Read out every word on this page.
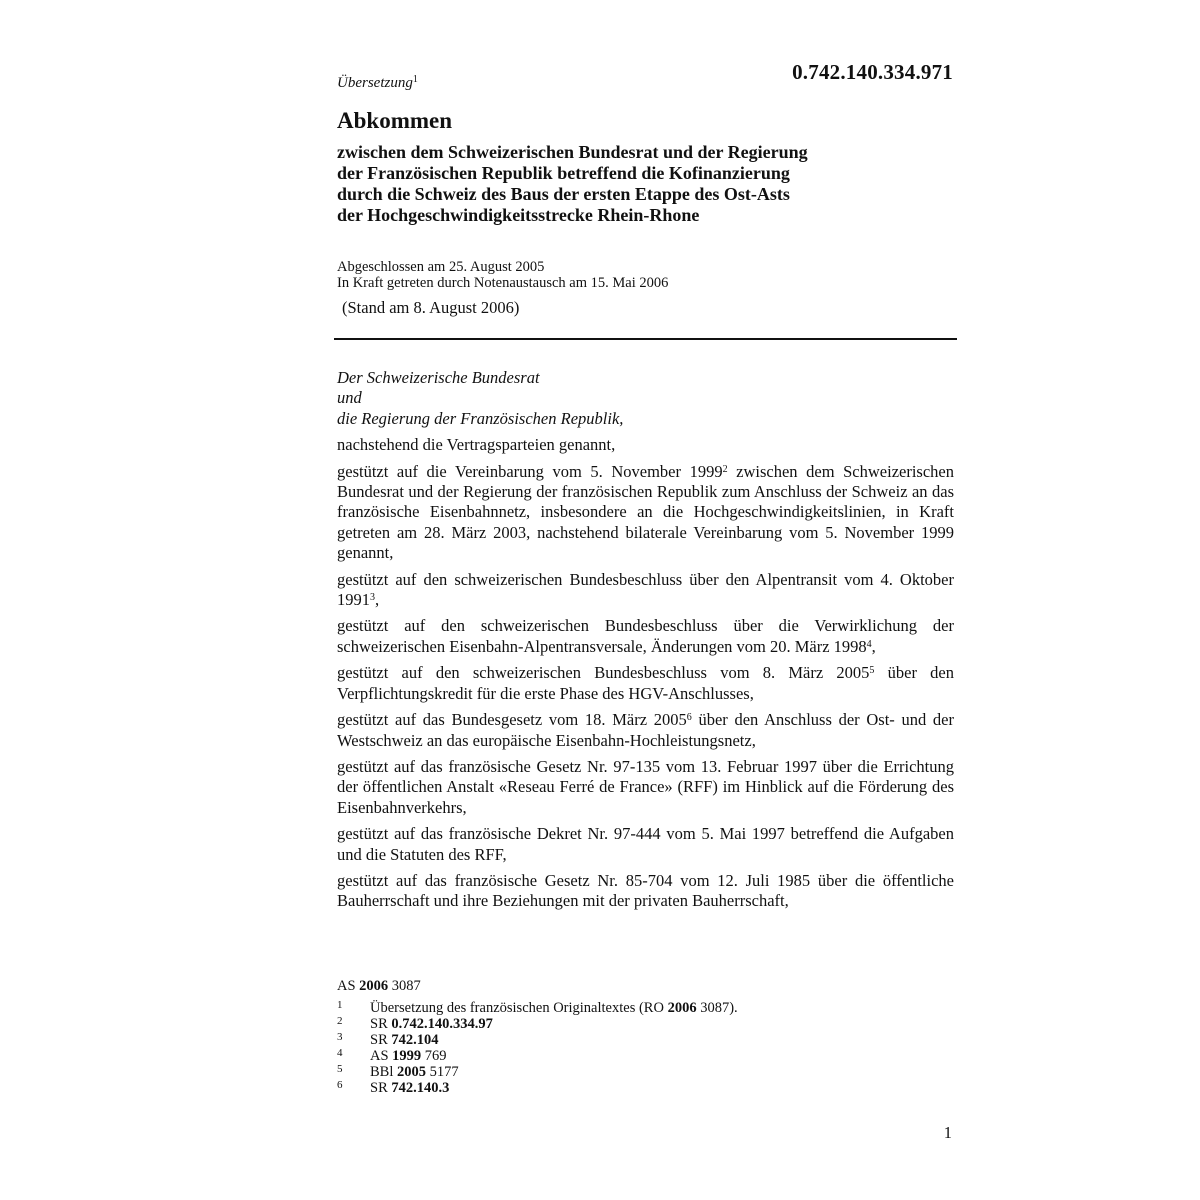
Übersetzung$^1$	0.742.140.334.971
Abkommen
zwischen dem Schweizerischen Bundesrat und der Regierung
der Französischen Republik betreffend die Kofinanzierung
durch die Schweiz des Baus der ersten Etappe des Ost-Asts
der Hochgeschwindigkeitsstrecke Rhein-Rhone
Abgeschlossen am 25. August 2005
In Kraft getreten durch Notenaustausch am 15. Mai 2006
(Stand am 8. August 2006)
Der Schweizerische Bundesrat
und
die Regierung der Französischen Republik,
nachstehend die Vertragsparteien genannt,
gestützt auf die Vereinbarung vom 5. November 1999$^2$ zwischen dem Schweizerischen Bundesrat und der Regierung der französischen Republik zum Anschluss der Schweiz an das französische Eisenbahnnetz, insbesondere an die Hochgeschwindigkeitslinien, in Kraft getreten am 28. März 2003, nachstehend bilaterale Vereinbarung vom 5. November 1999 genannt,
gestützt auf den schweizerischen Bundesbeschluss über den Alpentransit vom 4. Oktober 1991$^3$,
gestützt auf den schweizerischen Bundesbeschluss über die Verwirklichung der schweizerischen Eisenbahn-Alpentransversale, Änderungen vom 20. März 1998$^4$,
gestützt auf den schweizerischen Bundesbeschluss vom 8. März 2005$^5$ über den Verpflichtungskredit für die erste Phase des HGV-Anschlusses,
gestützt auf das Bundesgesetz vom 18. März 2005$^6$ über den Anschluss der Ost- und der Westschweiz an das europäische Eisenbahn-Hochleistungsnetz,
gestützt auf das französische Gesetz Nr. 97-135 vom 13. Februar 1997 über die Errichtung der öffentlichen Anstalt «Reseau Ferré de France» (RFF) im Hinblick auf die Förderung des Eisenbahnverkehrs,
gestützt auf das französische Dekret Nr. 97-444 vom 5. Mai 1997 betreffend die Aufgaben und die Statuten des RFF,
gestützt auf das französische Gesetz Nr. 85-704 vom 12. Juli 1985 über die öffentliche Bauherrschaft und ihre Beziehungen mit der privaten Bauherrschaft,
AS 2006 3087
1 Übersetzung des französischen Originaltextes (RO 2006 3087).
2 SR 0.742.140.334.97
3 SR 742.104
4 AS 1999 769
5 BBl 2005 5177
6 SR 742.140.3
1
